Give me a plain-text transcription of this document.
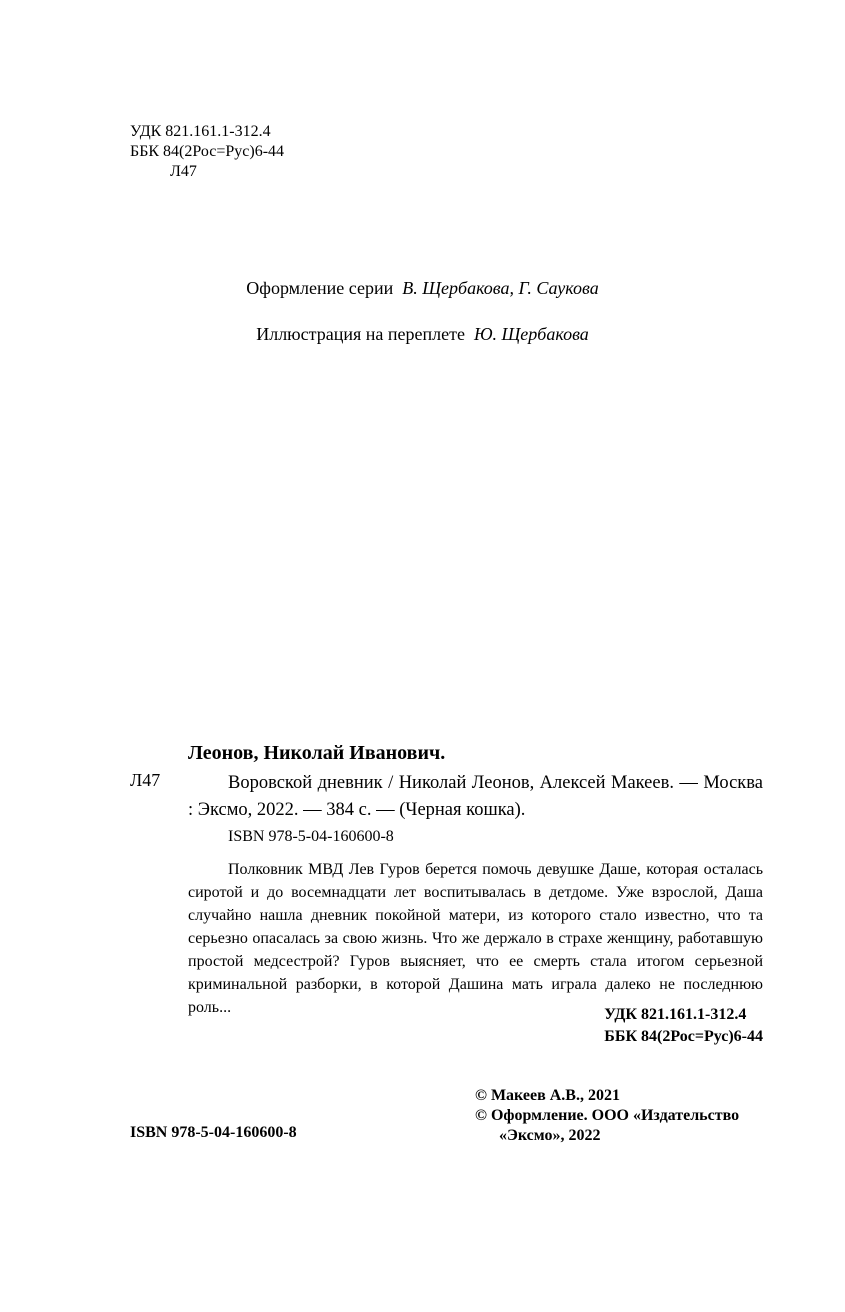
УДК 821.161.1-312.4
ББК 84(2Рос=Рус)6-44
Л47
Оформление серии В. Щербакова, Г. Саукова
Иллюстрация на переплете Ю. Щербакова
Леонов, Николай Иванович.
Л47	Воровской дневник / Николай Леонов, Алексей Макеев. — Москва : Эксмо, 2022. — 384 с. — (Черная кошка).
ISBN 978-5-04-160600-8
Полковник МВД Лев Гуров берется помочь девушке Даше, которая осталась сиротой и до восемнадцати лет воспитывалась в детдоме. Уже взрослой, Даша случайно нашла дневник покойной матери, из которого стало известно, что та серьезно опасалась за свою жизнь. Что же держало в страхе женщину, работавшую простой медсестрой? Гуров выясняет, что ее смерть стала итогом серьезной криминальной разборки, в которой Дашина мать играла далеко не последнюю роль...	УДК 821.161.1-312.4
ББК 84(2Рос=Рус)6-44
© Макеев А.В., 2021
© Оформление. ООО «Издательство
«Эксмо», 2022
ISBN 978-5-04-160600-8
